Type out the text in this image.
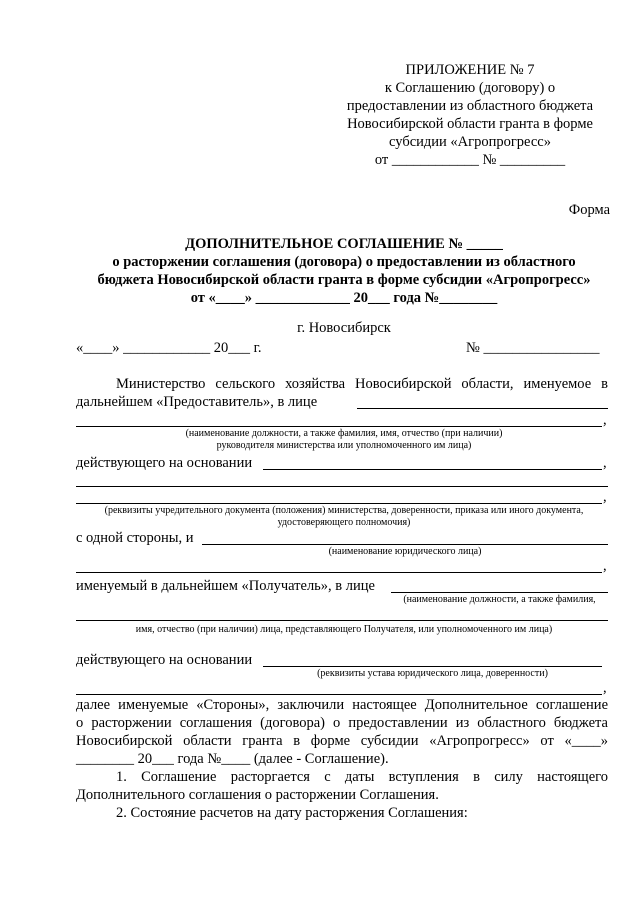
ПРИЛОЖЕНИЕ № 7
к Соглашению (договору) о
предоставлении из областного бюджета
Новосибирской области гранта в форме
субсидии «Агропрогресс»
от ____________ № _________
Форма
ДОПОЛНИТЕЛЬНОЕ СОГЛАШЕНИЕ № _____
о расторжении соглашения (договора) о предоставлении из областного
бюджета Новосибирской области гранта в форме субсидии «Агропрогресс»
от «____» _____________ 20___ года №________
г. Новосибирск
«____» ____________ 20___ г.	№ ________________
Министерство сельского хозяйства Новосибирской области, именуемое в
дальнейшем «Предоставитель», в лице
,
(наименование должности, а также фамилия, имя, отчество (при наличии)
руководителя министерства или уполномоченного им лица)
действующего на основании	,
,
(реквизиты учредительного документа (положения) министерства, доверенности, приказа или иного документа,
удостоверяющего полномочия)
с одной стороны, и
(наименование юридического лица)
,
именуемый в дальнейшем «Получатель», в лице
(наименование должности, а также фамилия,
имя, отчество (при наличии) лица, представляющего Получателя, или уполномоченного им лица)
действующего на основании
(реквизиты устава юридического лица, доверенности)
,
далее именуемые «Стороны», заключили настоящее Дополнительное соглашение
о расторжении соглашения (договора) о предоставлении из областного бюджета
Новосибирской области гранта в форме субсидии «Агропрогресс» от «____»
________ 20___ года №____ (далее - Соглашение).
1. Соглашение расторгается с даты вступления в силу настоящего
Дополнительного соглашения о расторжении Соглашения.
2. Состояние расчетов на дату расторжения Соглашения:
